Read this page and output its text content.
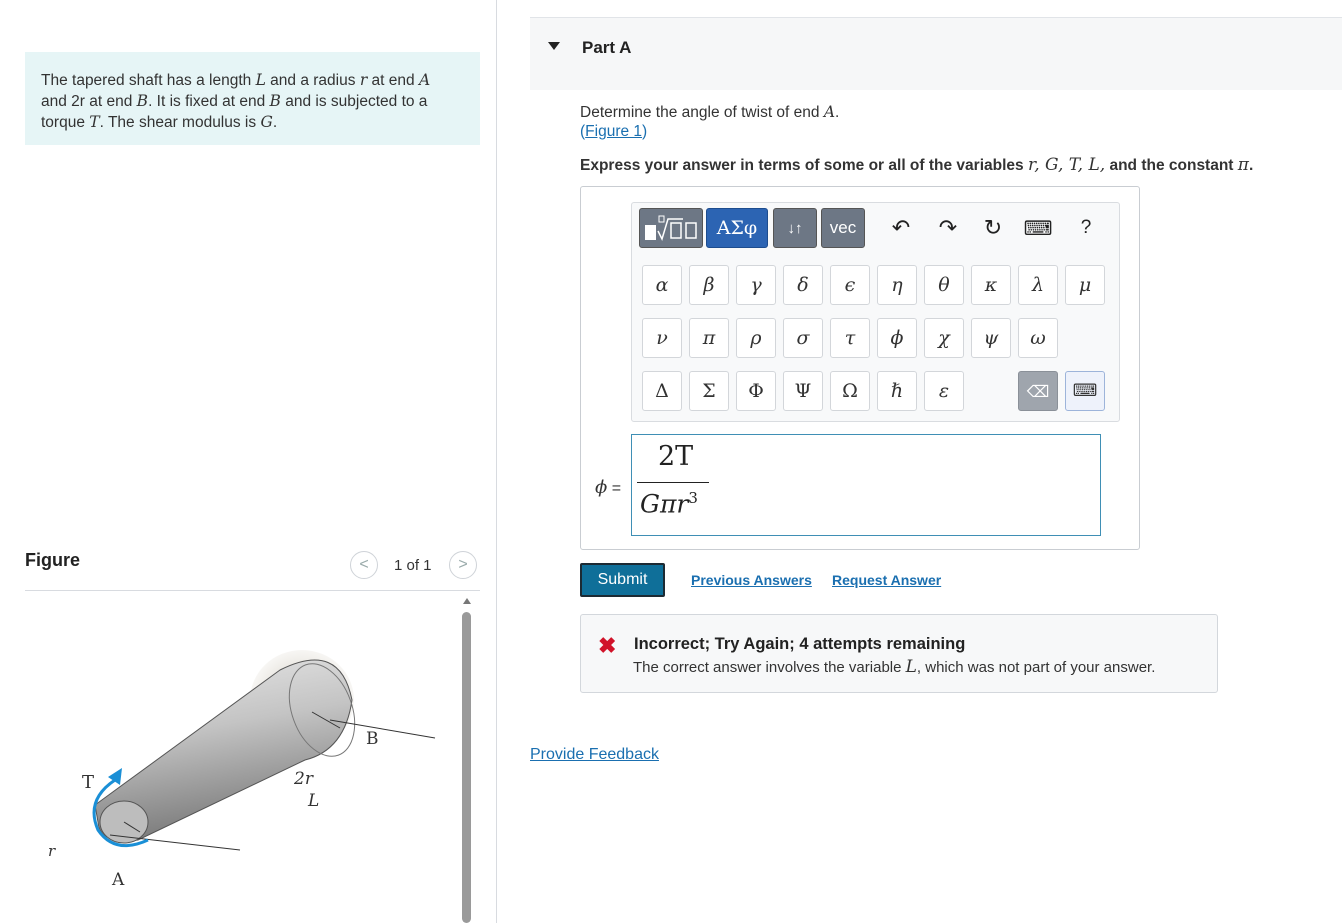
The tapered shaft has a length L and a radius r at end A
and 2r at end B. It is fixed at end B and is subjected to a
torque T. The shear modulus is G.
Figure	< 1 of 1 >
T
B
2r
L
r
A
Part A
Determine the angle of twist of end A.
(Figure 1)
Express your answer in terms of some or all of the variables r, G, T, L, and the constant π.
ΑΣφ	↓↑	vec	↶	↷	↻	⌨	?
α	β	γ	δ	ϵ	η	θ	κ	λ	μ
ν	π	ρ	σ	τ	ϕ	χ	ψ	ω
Δ	Σ	Φ	Ψ	Ω	ℏ	ε	⌫	⌨
ϕ =
2T
Gπr$^3$
Submit	Previous Answers Request Answer
✖ Incorrect; Try Again; 4 attempts remaining
The correct answer involves the variable L, which was not part of your answer.
Provide Feedback
